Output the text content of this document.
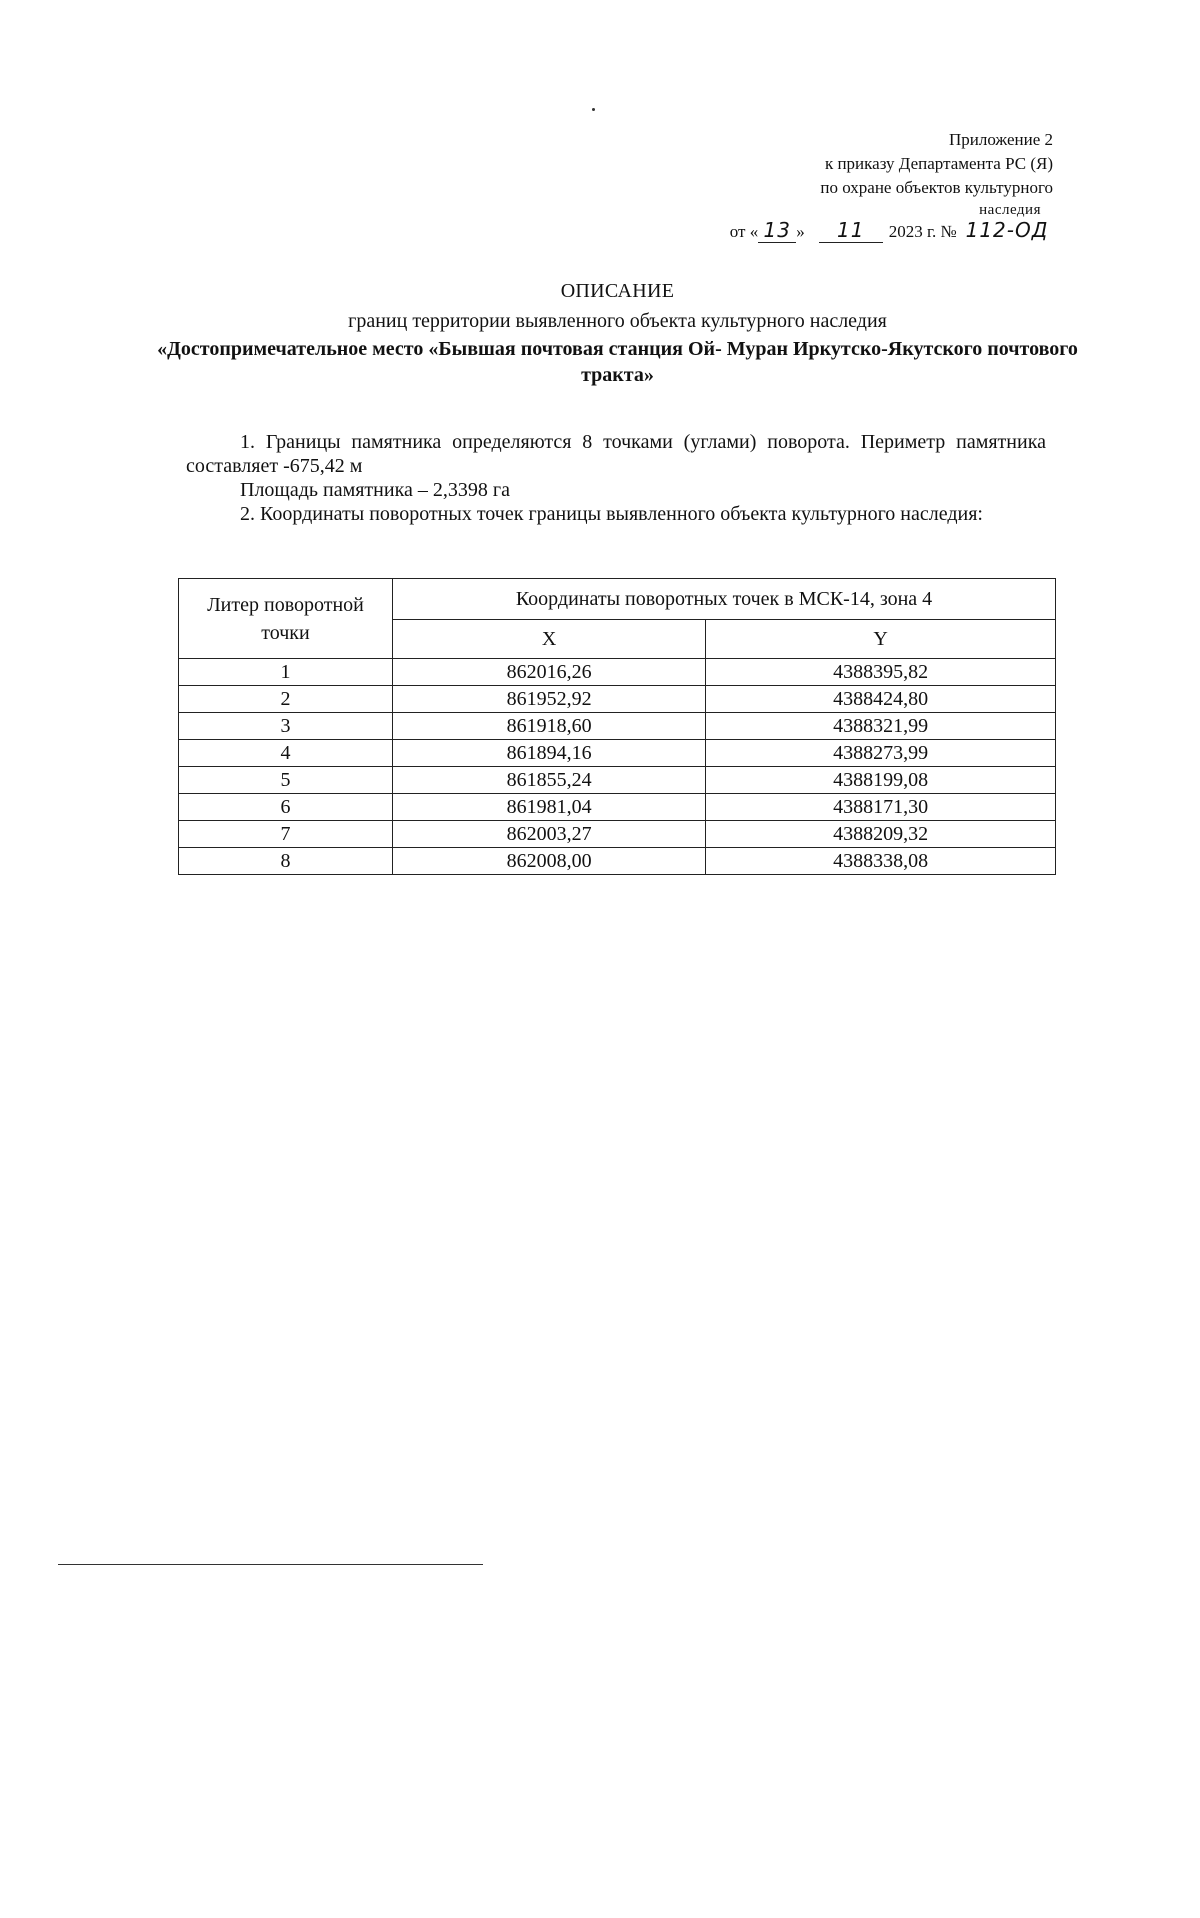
Приложение 2
к приказу Департамента РС (Я)
по охране объектов культурного
наследия
от « 13 » 11 2023 г. № 112-ОД
ОПИСАНИЕ
границ территории выявленного объекта культурного наследия
«Достопримечательное место «Бывшая почтовая станция Ой- Муран Иркутско-Якутского почтового тракта»

1. Границы памятника определяются 8 точками (углами) поворота. Периметр памятника составляет -675,42 м

Площадь памятника – 2,3398 га

2. Координаты поворотных точек границы выявленного объекта культурного наследия:

Литер поворотной точки	Координаты поворотных точек в МСК-14, зона 4	
	X	Y
1	862016,26	4388395,82
2	861952,92	4388424,80
3	861918,60	4388321,99
4	861894,16	4388273,99
5	861855,24	4388199,08
6	861981,04	4388171,30
7	862003,27	4388209,32
8	862008,00	4388338,08
